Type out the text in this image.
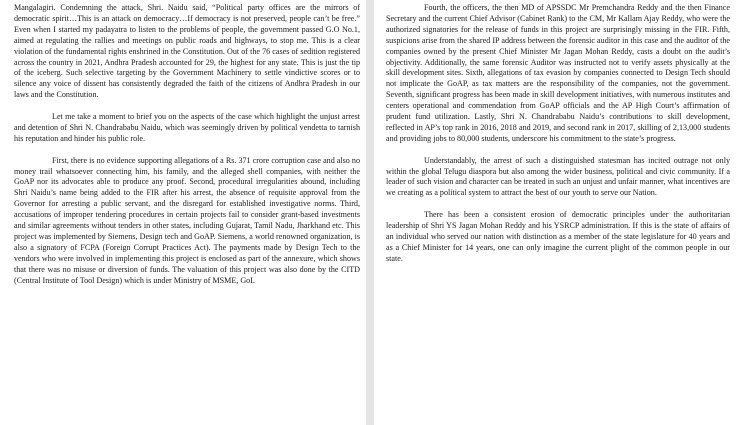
Mangalagiri. Condemning the attack, Shri. Naidu said, “Political party offices are the mirrors of democratic spirit…This is an attack on democracy…If democracy is not preserved, people can’t be free.” Even when I started my padayatra to listen to the problems of people, the government passed G.O No.1, aimed at regulating the rallies and meetings on public roads and highways, to stop me. This is a clear violation of the fundamental rights enshrined in the Constitution. Out of the 76 cases of sedition registered across the country in 2021, Andhra Pradesh accounted for 29, the highest for any state. This is just the tip of the iceberg. Such selective targeting by the Government Machinery to settle vindictive scores or to silence any voice of dissent has consistently degraded the faith of the citizens of Andhra Pradesh in our laws and the Constitution.

Let me take a moment to brief you on the aspects of the case which highlight the unjust arrest and detention of Shri N. Chandrababu Naidu, which was seemingly driven by political vendetta to tarnish his reputation and hinder his public role.

First, there is no evidence supporting allegations of a Rs. 371 crore corruption case and also no money trail whatsoever connecting him, his family, and the alleged shell companies, with neither the GoAP nor its advocates able to produce any proof. Second, procedural irregularities abound, including Shri Naidu’s name being added to the FIR after his arrest, the absence of requisite approval from the Governor for arresting a public servant, and the disregard for established investigative norms. Third, accusations of improper tendering procedures in certain projects fail to consider grant-based investments and similar agreements without tenders in other states, including Gujarat, Tamil Nadu, Jharkhand etc. This project was implemented by Siemens, Design tech and GoAP. Siemens, a world renowned organization, is also a signatory of FCPA (Foreign Corrupt Practices Act). The payments made by Design Tech to the vendors who were involved in implementing this project is enclosed as part of the annexure, which shows that there was no misuse or diversion of funds. The valuation of this project was also done by the CITD (Central Institute of Tool Design) which is under Ministry of MSME, GoI.

Fourth, the officers, the then MD of APSSDC Mr Premchandra Reddy and the then Finance Secretary and the current Chief Advisor (Cabinet Rank) to the CM, Mr Kallam Ajay Reddy, who were the authorized signatories for the release of funds in this project are surprisingly missing in the FIR. Fifth, suspicions arise from the shared IP address between the forensic auditor in this case and the auditor of the companies owned by the present Chief Minister Mr Jagan Mohan Reddy, casts a doubt on the audit’s objectivity. Additionally, the same forensic Auditor was instructed not to verify assets physically at the skill development sites. Sixth, allegations of tax evasion by companies connected to Design Tech should not implicate the GoAP, as tax matters are the responsibility of the companies, not the government. Seventh, significant progress has been made in skill development initiatives, with numerous institutes and centers operational and commendation from GoAP officials and the AP High Court’s affirmation of prudent fund utilization. Lastly, Shri N. Chandrababu Naidu’s contributions to skill development, reflected in AP’s top rank in 2016, 2018 and 2019, and second rank in 2017, skilling of 2,13,000 students and providing jobs to 80,000 students, underscore his commitment to the state’s progress.

Understandably, the arrest of such a distinguished statesman has incited outrage not only within the global Telugu diaspora but also among the wider business, political and civic community. If a leader of such vision and character can be treated in such an unjust and unfair manner, what incentives are we creating as a political system to attract the best of our youth to serve our Nation.

There has been a consistent erosion of democratic principles under the authoritarian leadership of Shri YS Jagan Mohan Reddy and his YSRCP administration. If this is the state of affairs of an individual who served our nation with distinction as a member of the state legislature for 40 years and as a Chief Minister for 14 years, one can only imagine the current plight of the common people in our state.
